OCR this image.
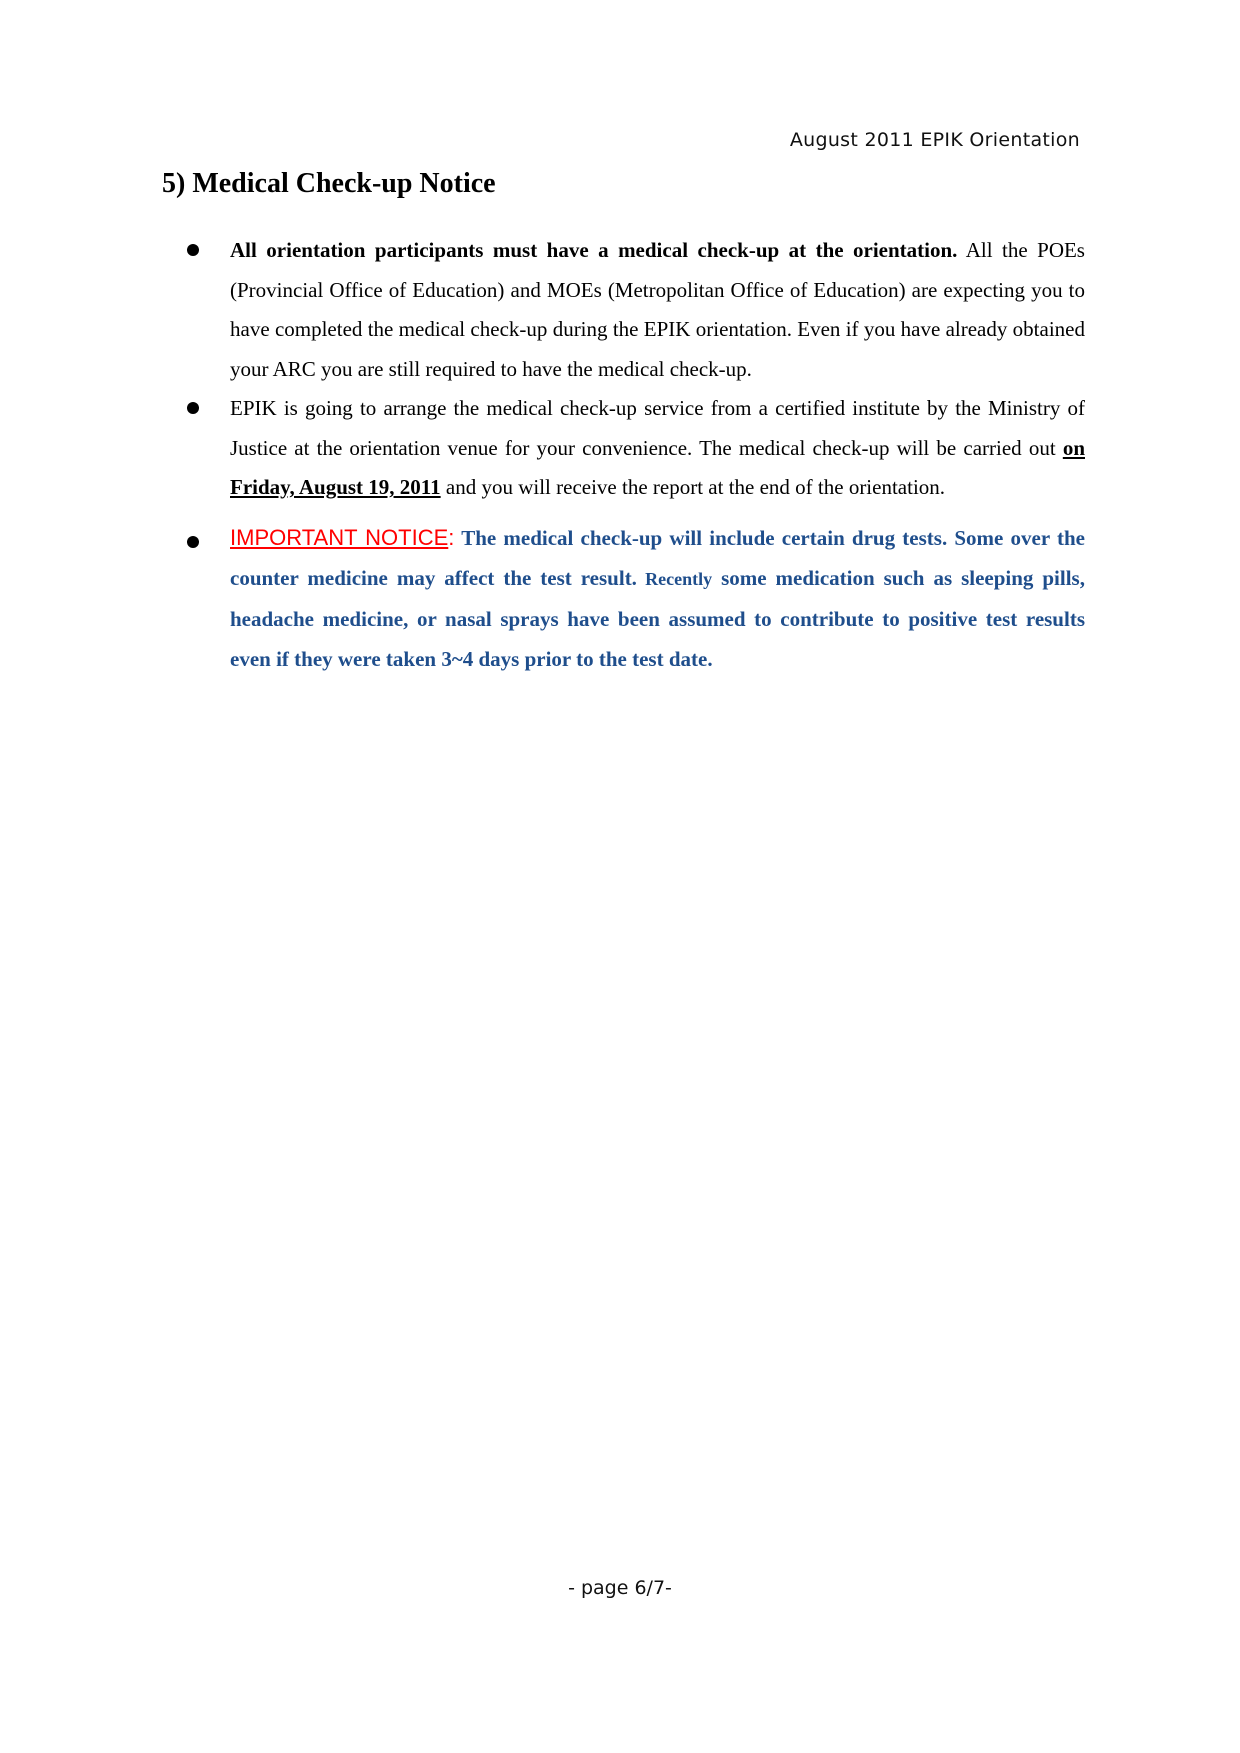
August 2011 EPIK Orientation
5) Medical Check-up Notice
All orientation participants must have a medical check-up at the orientation. All the POEs (Provincial Office of Education) and MOEs (Metropolitan Office of Education) are expecting you to have completed the medical check-up during the EPIK orientation. Even if you have already obtained your ARC you are still required to have the medical check-up.
EPIK is going to arrange the medical check-up service from a certified institute by the Ministry of Justice at the orientation venue for your convenience. The medical check-up will be carried out on Friday, August 19, 2011 and you will receive the report at the end of the orientation.
IMPORTANT NOTICE: The medical check-up will include certain drug tests. Some over the counter medicine may affect the test result. Recently some medication such as sleeping pills, headache medicine, or nasal sprays have been assumed to contribute to positive test results even if they were taken 3~4 days prior to the test date.
- page 6/7-
